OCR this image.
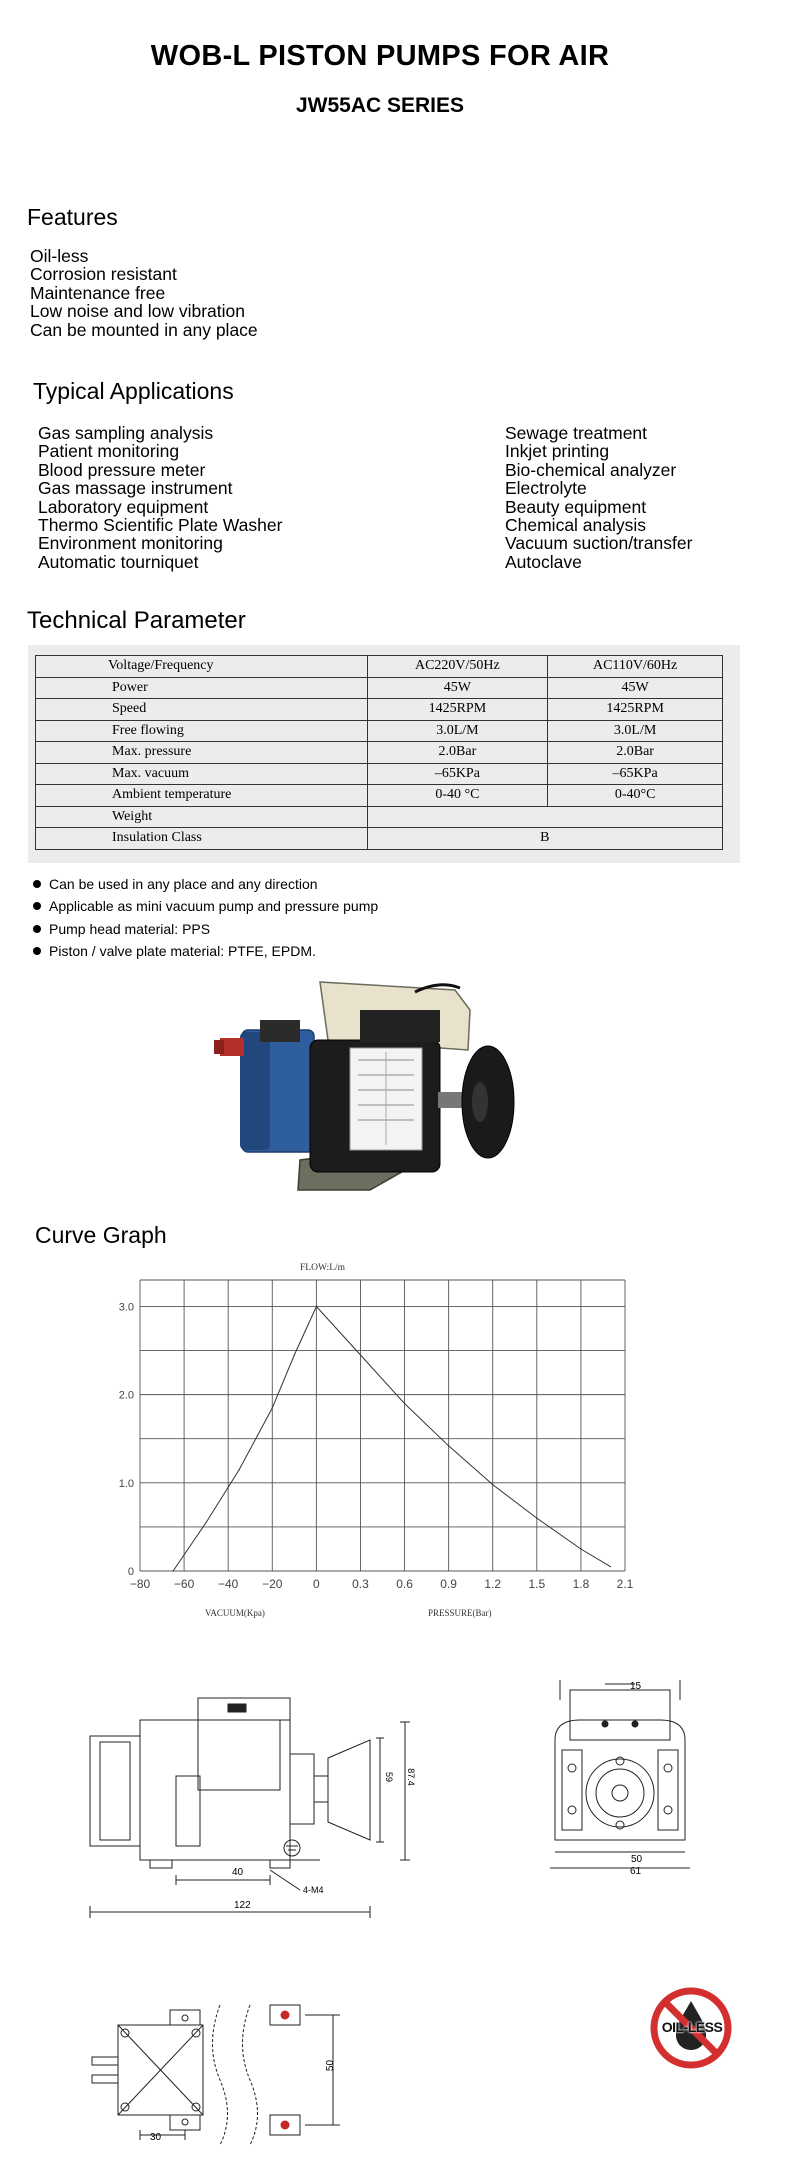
WOB-L PISTON PUMPS FOR AIR
JW55AC SERIES
Features
Oil-less
Corrosion resistant
Maintenance free
Low noise and low vibration
Can be mounted in any place
Typical Applications
Gas sampling analysis
Patient monitoring
Blood pressure meter
Gas massage instrument
Laboratory equipment
Thermo Scientific Plate Washer
Environment monitoring
Automatic tourniquet
Sewage treatment
Inkjet printing
Bio-chemical analyzer
Electrolyte
Beauty equipment
Chemical analysis
Vacuum suction/transfer
Autoclave
Technical Parameter
Voltage/Frequency	AC220V/50Hz	AC110V/60Hz
Power	45W	45W
Speed	1425RPM	1425RPM
Free flowing	3.0L/M	3.0L/M
Max. pressure	2.0Bar	2.0Bar
Max. vacuum	–65KPa	–65KPa
Ambient temperature	0-40 °C	0-40°C
Weight		
Insulation Class	B	
Can be used in any place and any direction
Applicable as mini vacuum pump and pressure pump
Pump head material: PPS
Piston / valve plate material: PTFE, EPDM.
Curve Graph
FLOW:L/m
−80 −60 −40 −20	0	0.3 0.6 0.9 1.2 1.5 1.8 2.1
0
1.0
2.0
3.0
VACUUM(Kpa)	PRESSURE(Bar)
40
122
4-M4
59 87.4
15
50
61
30
50
OIL-LESS
